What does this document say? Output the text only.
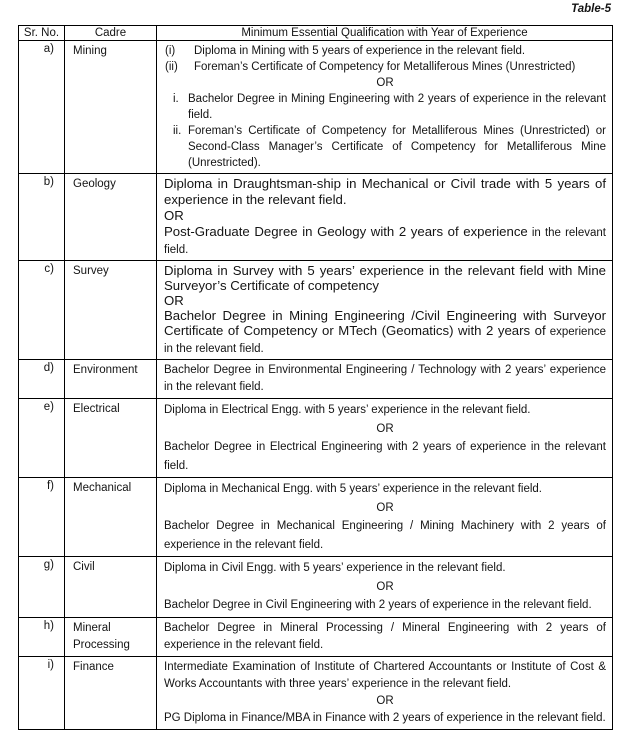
Table-5
Sr. No.	Cadre	Minimum Essential Qualification with Year of Experience
a)	Mining	(i) Diploma in Mining with 5 years of experience in the relevant field.
(ii) Foreman’s Certificate of Competency for Metalliferous Mines (Unrestricted)
OR
i. Bachelor Degree in Mining Engineering with 2 years of experience in the relevant field.
ii. Foreman’s Certificate of Competency for Metalliferous Mines (Unrestricted) or Second-Class Manager’s Certificate of Competency for Metalliferous Mine (Unrestricted).

b)	Geology	Diploma in Draughtsman-ship in Mechanical or Civil trade with 5 years of experience in the relevant field.
OR
Post-Graduate Degree in Geology with 2 years of experience in the relevant field.

c)	Survey	Diploma in Survey with 5 years’ experience in the relevant field with Mine Surveyor’s Certificate of competency
OR
Bachelor Degree in Mining Engineering /Civil Engineering with Surveyor Certificate of Competency or MTech (Geomatics) with 2 years of experience in the relevant field.

d)	Environment	Bachelor Degree in Environmental Engineering / Technology with 2 years’ experience in the relevant field.

e)	Electrical	Diploma in Electrical Engg. with 5 years’ experience in the relevant field.
OR
Bachelor Degree in Electrical Engineering with 2 years of experience in the relevant field.

f)	Mechanical	Diploma in Mechanical Engg. with 5 years’ experience in the relevant field.
OR
Bachelor Degree in Mechanical Engineering / Mining Machinery with 2 years of experience in the relevant field.

g)	Civil	Diploma in Civil Engg. with 5 years’ experience in the relevant field.
OR
Bachelor Degree in Civil Engineering with 2 years of experience in the relevant field.

h)	Mineral Processing	Bachelor Degree in Mineral Processing / Mineral Engineering with 2 years of experience in the relevant field.

i)	Finance	Intermediate Examination of Institute of Chartered Accountants or Institute of Cost & Works Accountants with three years’ experience in the relevant field.
OR
PG Diploma in Finance/MBA in Finance with 2 years of experience in the relevant field.
